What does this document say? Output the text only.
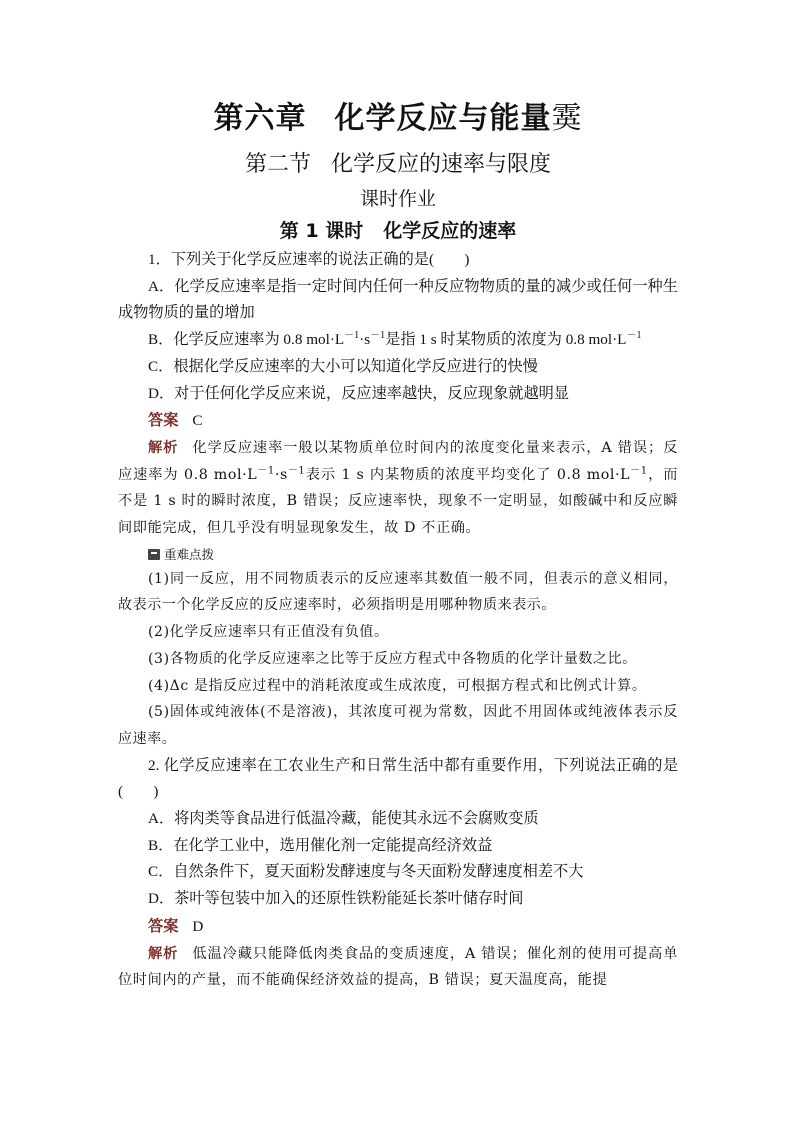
第六章 化学反应与能量霙
第二节 化学反应的速率与限度
课时作业
第 1 课时 化学反应的速率

1．下列关于化学反应速率的说法正确的是(　　)

A．化学反应速率是指一定时间内任何一种反应物物质的量的减少或任何一种生成物物质的量的增加

B．化学反应速率为 0.8 $mol\cdot L^{-1}\cdot s^{-1}$是指 1 s 时某物质的浓度为 0.8 $mol\cdot L^{-1}$

C．根据化学反应速率的大小可以知道化学反应进行的快慢

D．对于任何化学反应来说，反应速率越快，反应现象就越明显

答案 C

解析 化学反应速率一般以某物质单位时间内的浓度变化量来表示，A 错误；反应速率为 0.8 $mol\cdot L^{-1}\cdot s^{-1}$表示 1 s 内某物质的浓度平均变化了 0.8 $mol\cdot L^{-1}$，而不是 1 s 时的瞬时浓度，B 错误；反应速率快，现象不一定明显，如酸碱中和反应瞬间即能完成，但几乎没有明显现象发生，故 D 不正确。

重难点拨

(1)同一反应，用不同物质表示的反应速率其数值一般不同，但表示的意义相同，故表示一个化学反应的反应速率时，必须指明是用哪种物质来表示。

(2)化学反应速率只有正值没有负值。

(3)各物质的化学反应速率之比等于反应方程式中各物质的化学计量数之比。

(4)Δc 是指反应过程中的消耗浓度或生成浓度，可根据方程式和比例式计算。

(5)固体或纯液体(不是溶液)，其浓度可视为常数，因此不用固体或纯液体表示反应速率。

2. 化学反应速率在工农业生产和日常生活中都有重要作用，下列说法正确的是(　　)

A．将肉类等食品进行低温冷藏，能使其永远不会腐败变质

B．在化学工业中，选用催化剂一定能提高经济效益

C．自然条件下，夏天面粉发酵速度与冬天面粉发酵速度相差不大

D．茶叶等包装中加入的还原性铁粉能延长茶叶储存时间

答案 D

解析 低温冷藏只能降低肉类食品的变质速度，A 错误；催化剂的使用可提高单位时间内的产量，而不能确保经济效益的提高，B 错误；夏天温度高，能提
